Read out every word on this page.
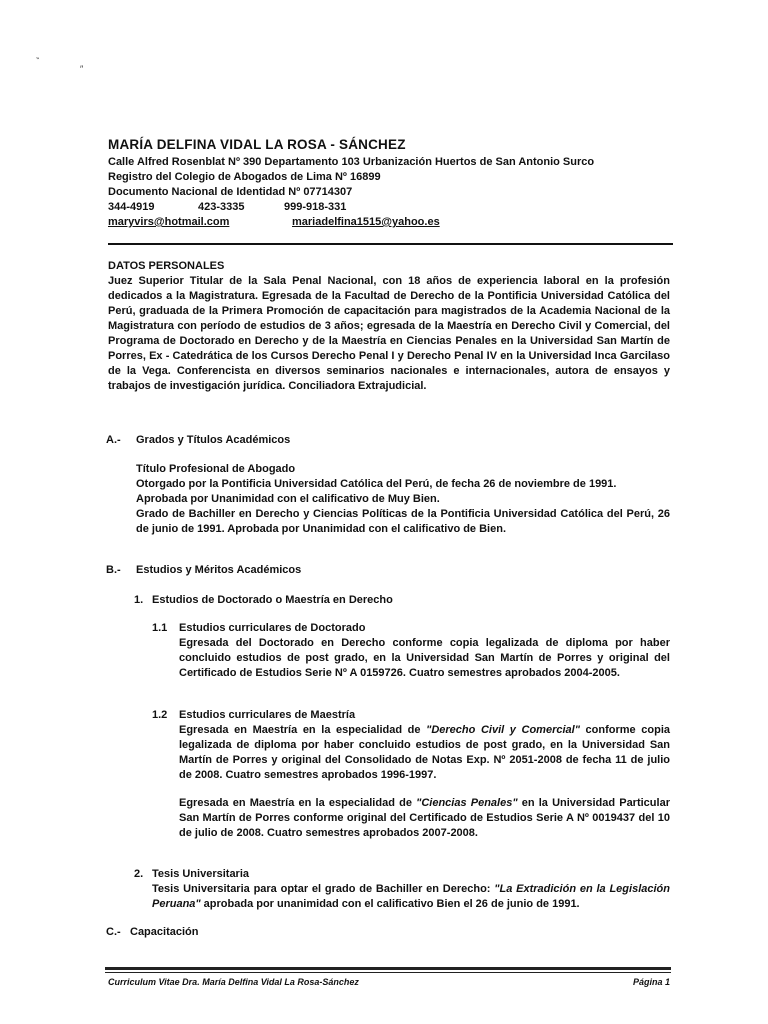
‶
″
MARÍA DELFINA VIDAL LA ROSA - SÁNCHEZ
Calle Alfred Rosenblat Nº 390 Departamento 103 Urbanización Huertos de San Antonio Surco
Registro del Colegio de Abogados de Lima Nº 16899
Documento Nacional de Identidad Nº 07714307
344-4919	423-3335	999-918-331
maryvirs@hotmail.com	mariadelfina1515@yahoo.es
DATOS PERSONALES
Juez Superior Titular de la Sala Penal Nacional, con 18 años de experiencia laboral en la profesión dedicados a la Magistratura. Egresada de la Facultad de Derecho de la Pontificia Universidad Católica del Perú, graduada de la Primera Promoción de capacitación para magistrados de la Academia Nacional de la Magistratura con período de estudios de 3 años; egresada de la Maestría en Derecho Civil y Comercial, del Programa de Doctorado en Derecho y de la Maestría en Ciencias Penales en la Universidad San Martín de Porres, Ex - Catedrática de los Cursos Derecho Penal I y Derecho Penal IV en la Universidad Inca Garcilaso de la Vega. Conferencista en diversos seminarios nacionales e internacionales, autora de ensayos y trabajos de investigación jurídica. Conciliadora Extrajudicial.
A.- Grados y Títulos Académicos
Título Profesional de Abogado
Otorgado por la Pontificia Universidad Católica del Perú, de fecha 26 de noviembre de 1991.
Aprobada por Unanimidad con el calificativo de Muy Bien.
Grado de Bachiller en Derecho y Ciencias Políticas de la Pontificia Universidad Católica del Perú, 26 de junio de 1991. Aprobada por Unanimidad con el calificativo de Bien.
B.- Estudios y Méritos Académicos
1. Estudios de Doctorado o Maestría en Derecho
1.1 Estudios curriculares de Doctorado
Egresada del Doctorado en Derecho conforme copia legalizada de diploma por haber concluido estudios de post grado, en la Universidad San Martín de Porres y original del Certificado de Estudios Serie Nº A 0159726. Cuatro semestres aprobados 2004-2005.
1.2 Estudios curriculares de Maestría
Egresada en Maestría en la especialidad de "Derecho Civil y Comercial" conforme copia legalizada de diploma por haber concluido estudios de post grado, en la Universidad San Martín de Porres y original del Consolidado de Notas Exp. Nº 2051-2008 de fecha 11 de julio de 2008. Cuatro semestres aprobados 1996-1997.
Egresada en Maestría en la especialidad de "Ciencias Penales" en la Universidad Particular San Martín de Porres conforme original del Certificado de Estudios Serie A Nº 0019437 del 10 de julio de 2008. Cuatro semestres aprobados 2007-2008.
2. Tesis Universitaria
Tesis Universitaria para optar el grado de Bachiller en Derecho: "La Extradición en la Legislación Peruana" aprobada por unanimidad con el calificativo Bien el 26 de junio de 1991.
C.- Capacitación
Curriculum Vitae Dra. María Delfina Vidal La Rosa-Sánchez	Página 1
